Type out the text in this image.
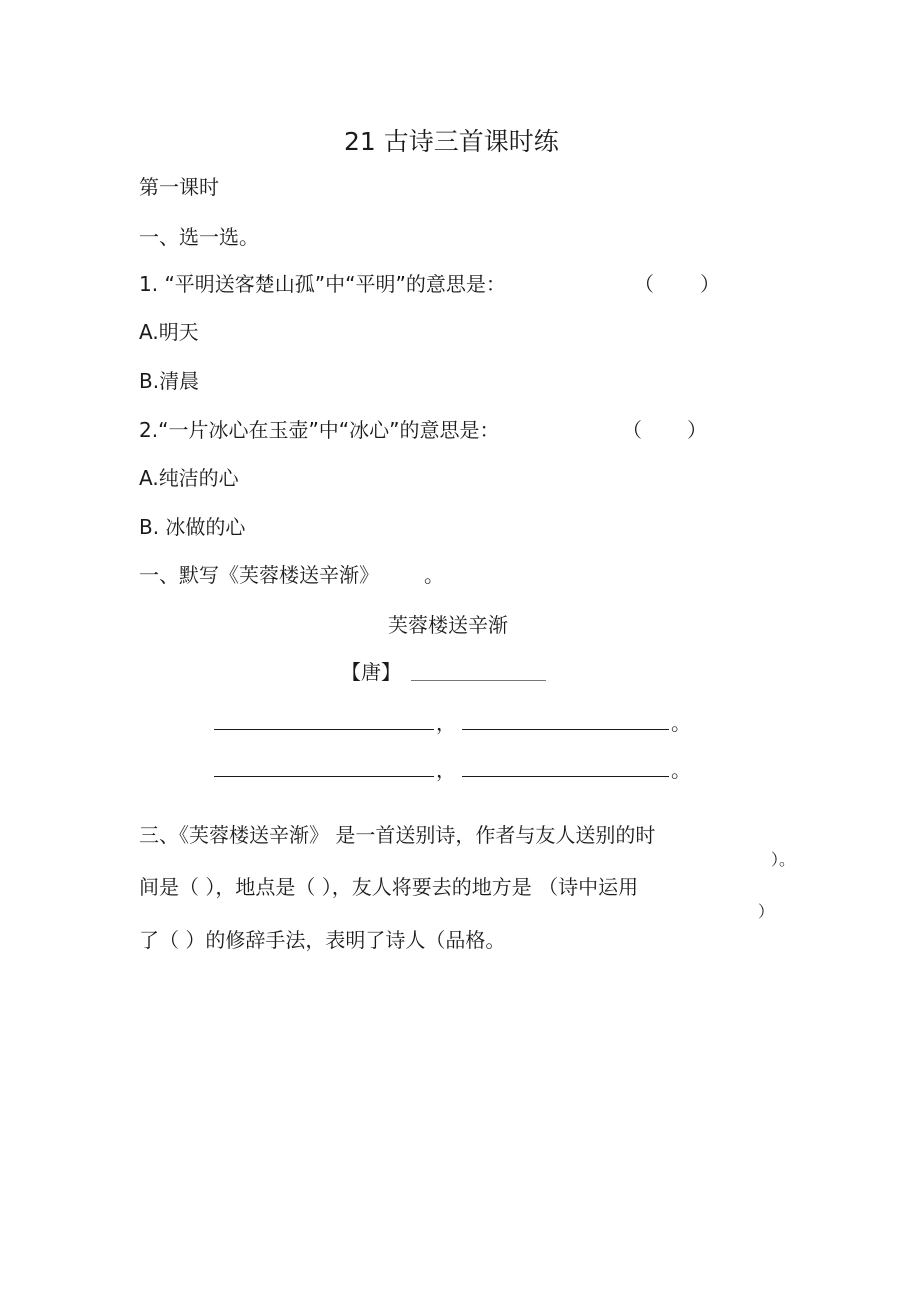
21 古诗三首课时练
第一课时
一、选一选。
1. “平明送客楚山孤”中“平明”的意思是：	（ ）
A.明天
B.清晨
2.“一片冰心在玉壶”中“冰心”的意思是：	（ ）
A.纯洁的心
B. 冰做的心
一、默写《芙蓉楼送辛渐》 。
芙蓉楼送辛渐
【唐】
，	。
，	。
三、《芙蓉楼送辛渐》 是一首送别诗，作者与友人送别的时
）。
间是（ ），地点是（ ），友人将要去的地方是 （诗中运用
）
了（ ）的修辞手法，表明了诗人（品格。
